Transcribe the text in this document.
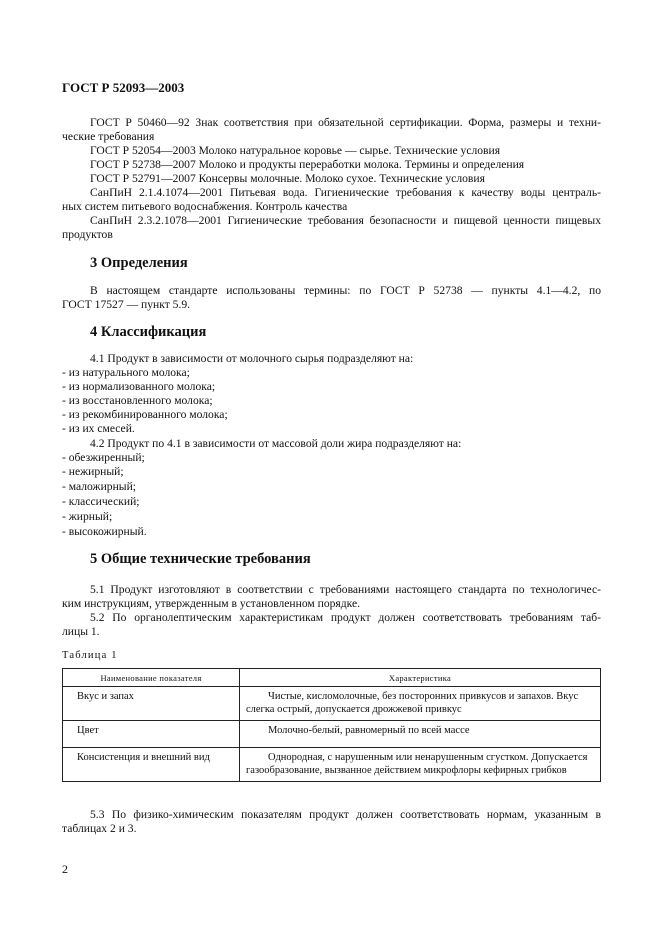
ГОСТ Р 52093—2003
ГОСТ Р 50460—92 Знак соответствия при обязательной сертификации. Форма, размеры и техни-
ческие требования
ГОСТ Р 52054—2003 Молоко натуральное коровье — сырье. Технические условия
ГОСТ Р 52738—2007 Молоко и продукты переработки молока. Термины и определения
ГОСТ Р 52791—2007 Консервы молочные. Молоко сухое. Технические условия
СанПиН 2.1.4.1074—2001 Питьевая вода. Гигиенические требования к качеству воды централь-
ных систем питьевого водоснабжения. Контроль качества
СанПиН 2.3.2.1078—2001 Гигиенические требования безопасности и пищевой ценности пищевых
продуктов
3 Определения
В настоящем стандарте использованы термины: по ГОСТ Р 52738 — пункты 4.1—4.2, по
ГОСТ 17527 — пункт 5.9.
4 Классификация
4.1 Продукт в зависимости от молочного сырья подразделяют на:
- из натурального молока;
- из нормализованного молока;
- из восстановленного молока;
- из рекомбинированного молока;
- из их смесей.
4.2 Продукт по 4.1 в зависимости от массовой доли жира подразделяют на:
- обезжиренный;
- нежирный;
- маложирный;
- классический;
- жирный;
- высокожирный.
5 Общие технические требования
5.1 Продукт изготовляют в соответствии с требованиями настоящего стандарта по технологичес-
ким инструкциям, утвержденным в установленном порядке.
5.2 По органолептическим характеристикам продукт должен соответствовать требованиям таб-
лицы 1.
Таблица 1
Наименование показателя	Характеристика
Вкус и запах	Чистые, кисломолочные, без посторонних привкусов и запахов. Вкус слегка острый, допускается дрожжевой привкус
Цвет	Молочно-белый, равномерный по всей массе
Консистенция и внешний вид	Однородная, с нарушенным или ненарушенным сгустком. Допускается газообразование, вызванное действием микрофлоры кефирных грибков
5.3 По физико-химическим показателям продукт должен соответствовать нормам, указанным в
таблицах 2 и 3.
2
